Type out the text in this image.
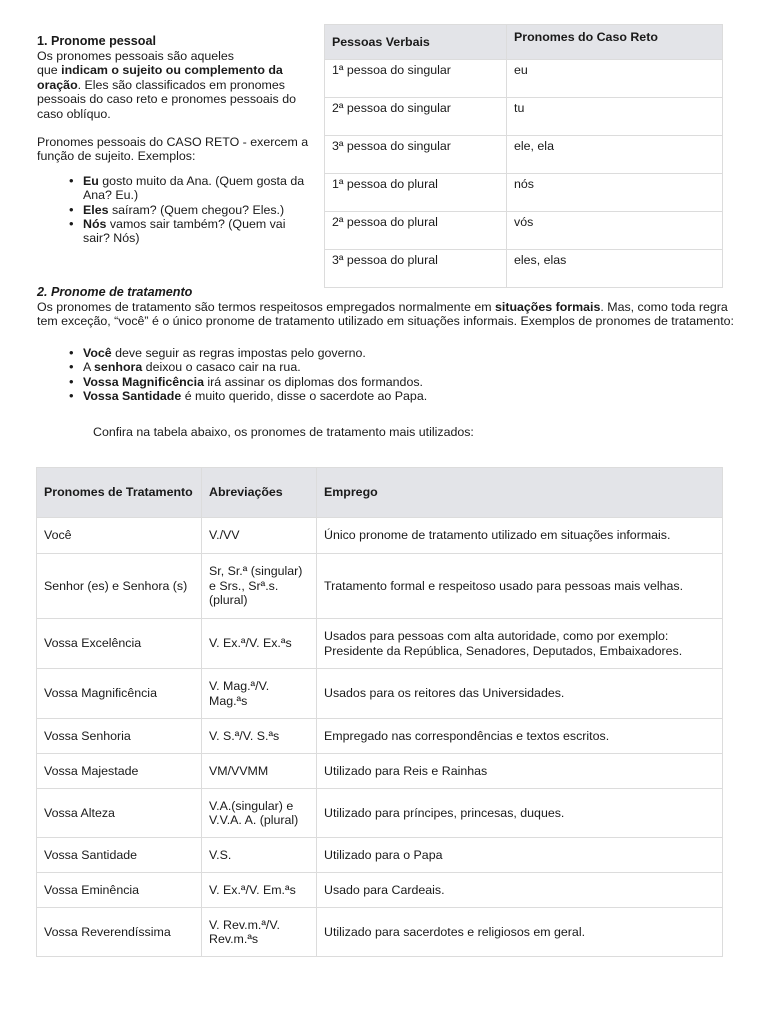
1. Pronome pessoal

Os pronomes pessoais são aqueles
que indicam o sujeito ou complemento da oração. Eles são classificados em pronomes pessoais do caso reto e pronomes pessoais do caso oblíquo.

Pronomes pessoais do CASO RETO - exercem a função de sujeito. Exemplos:

• Eu gosto muito da Ana. (Quem gosta da Ana? Eu.)
• Eles saíram? (Quem chegou? Eles.)
• Nós vamos sair também? (Quem vai sair? Nós)
Pessoas Verbais	Pronomes do Caso Reto
1ª pessoa do singular	eu
2ª pessoa do singular	tu
3ª pessoa do singular	ele, ela
1ª pessoa do plural	nós
2ª pessoa do plural	vós
3ª pessoa do plural	eles, elas
2. Pronome de tratamento

Os pronomes de tratamento são termos respeitosos empregados normalmente em situações formais. Mas, como toda regra tem exceção, “você” é o único pronome de tratamento utilizado em situações informais. Exemplos de pronomes de tratamento:

• Você deve seguir as regras impostas pelo governo.
• A senhora deixou o casaco cair na rua.
• Vossa Magnificência irá assinar os diplomas dos formandos.
• Vossa Santidade é muito querido, disse o sacerdote ao Papa.

Confira na tabela abaixo, os pronomes de tratamento mais utilizados:

Pronomes de Tratamento	Abreviações	Emprego
Você	V./VV	Único pronome de tratamento utilizado em situações informais.
Senhor (es) e Senhora (s)	Sr, Sr.ª (singular) e Srs., Srª.s. (plural)	Tratamento formal e respeitoso usado para pessoas mais velhas.
Vossa Excelência	V. Ex.ª/V. Ex.ªs	Usados para pessoas com alta autoridade, como por exemplo: Presidente da República, Senadores, Deputados, Embaixadores.
Vossa Magnificência	V. Mag.ª/V. Mag.ªs	Usados para os reitores das Universidades.
Vossa Senhoria	V. S.ª/V. S.ªs	Empregado nas correspondências e textos escritos.
Vossa Majestade	VM/VVMM	Utilizado para Reis e Rainhas
Vossa Alteza	V.A.(singular) e V.V.A. A. (plural)	Utilizado para príncipes, princesas, duques.
Vossa Santidade	V.S.	Utilizado para o Papa
Vossa Eminência	V. Ex.ª/V. Em.ªs	Usado para Cardeais.
Vossa Reverendíssima	V. Rev.m.ª/V. Rev.m.ªs	Utilizado para sacerdotes e religiosos em geral.
